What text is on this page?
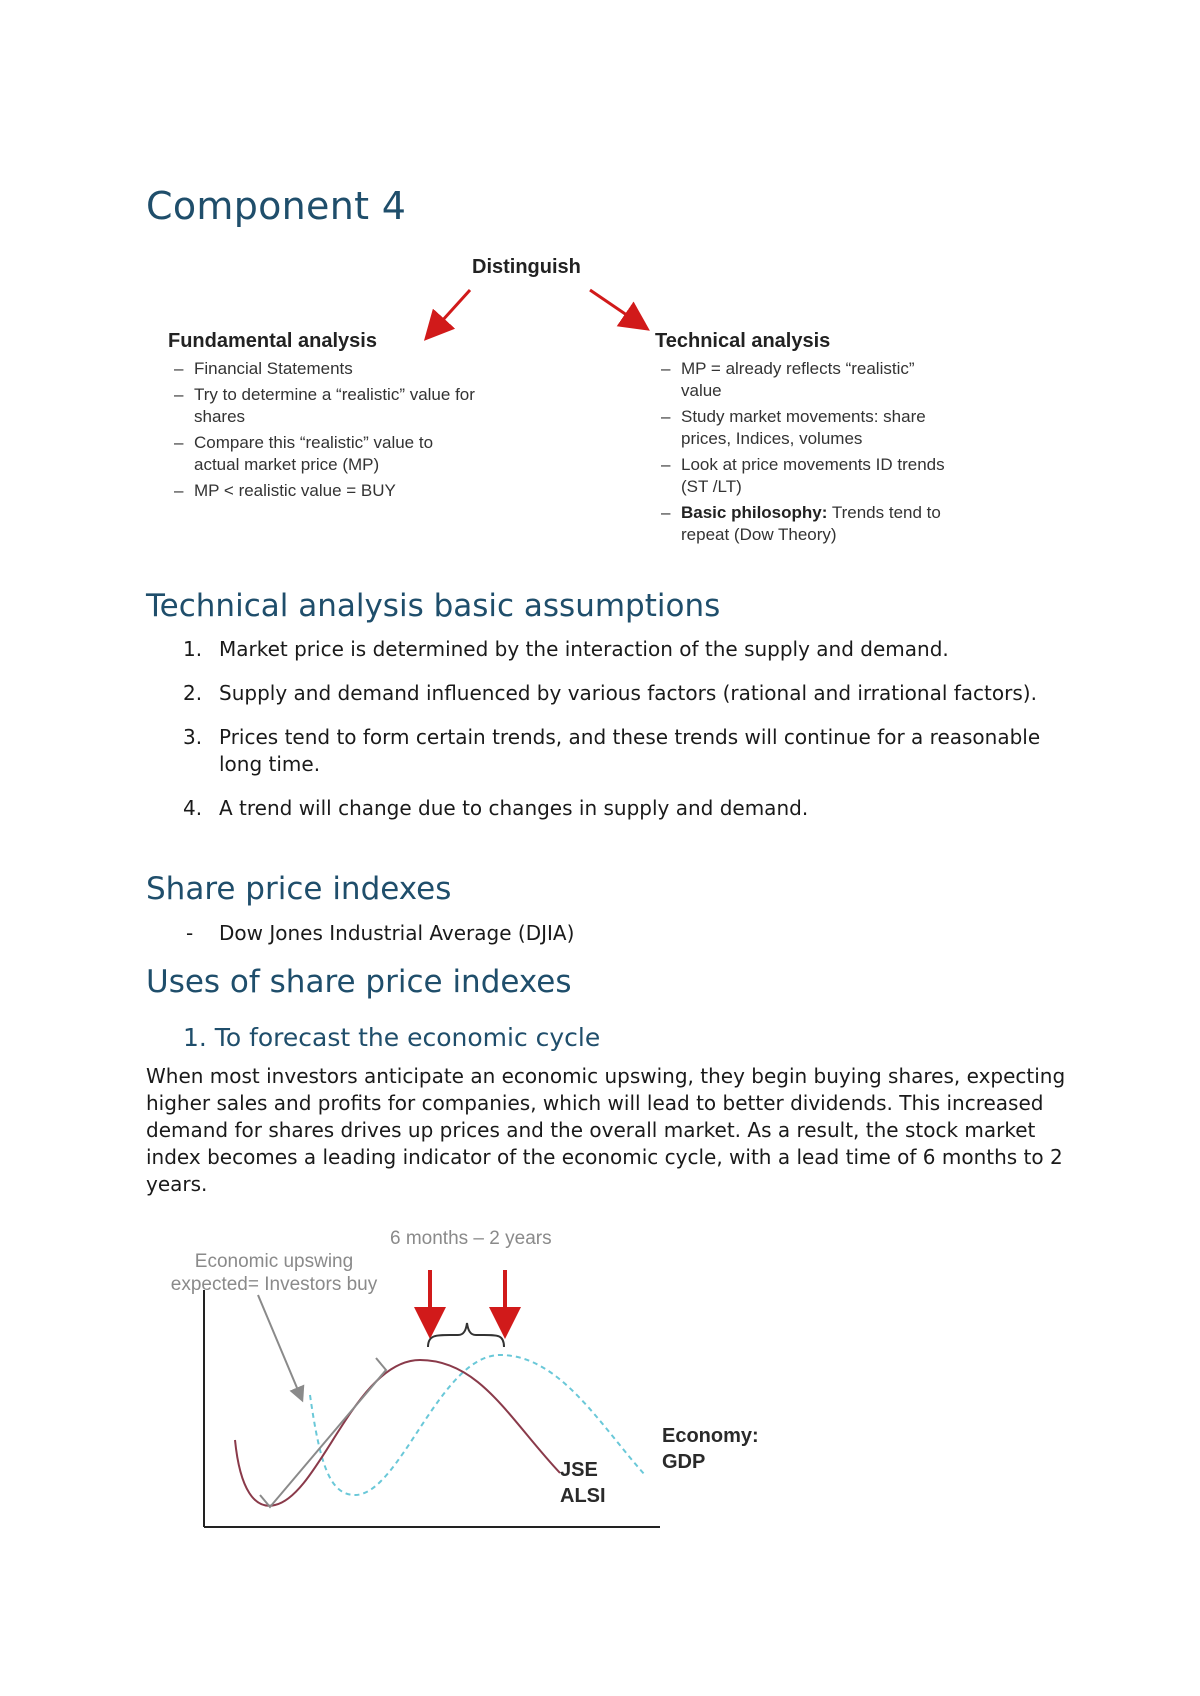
Component 4
Distinguish
Fundamental analysis
– Financial Statements
– Try to determine a “realistic” value for shares
– Compare this “realistic” value to actual market price (MP)
– MP < realistic value = BUY
Technical analysis
– MP = already reflects “realistic” value
– Study market movements: share prices, Indices, volumes
– Look at price movements ID trends (ST /LT)
– Basic philosophy: Trends tend to repeat (Dow Theory)
Technical analysis basic assumptions
1. Market price is determined by the interaction of the supply and demand.
2. Supply and demand influenced by various factors (rational and irrational factors).
3. Prices tend to form certain trends, and these trends will continue for a reasonable long time.
4. A trend will change due to changes in supply and demand.
Share price indexes
- Dow Jones Industrial Average (DJIA)
Uses of share price indexes
1. To forecast the economic cycle

When most investors anticipate an economic upswing, they begin buying shares, expecting higher sales and profits for companies, which will lead to better dividends. This increased demand for shares drives up prices and the overall market. As a result, the stock market index becomes a leading indicator of the economic cycle, with a lead time of 6 months to 2 years.

6 months – 2 years
Economic upswing
expected= Investors buy
Economy:
GDP
JSE
ALSI
